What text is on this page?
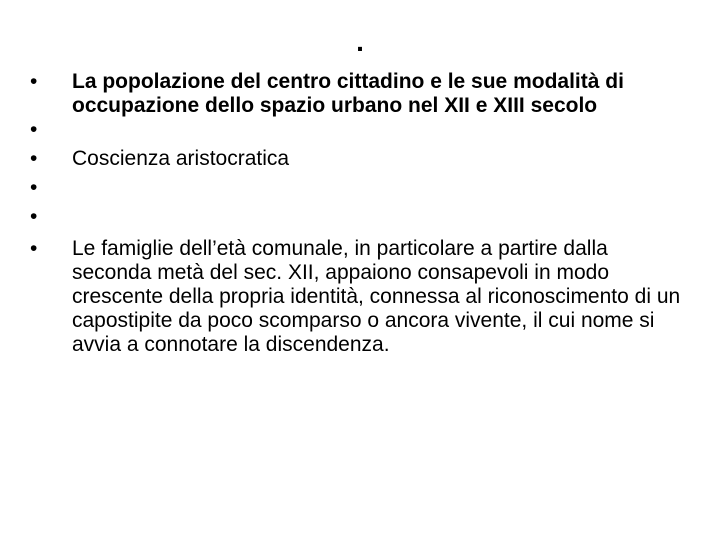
.
•	La popolazione del centro cittadino e le sue modalità di occupazione dello spazio urbano nel XII e XIII secolo
•
•	Coscienza aristocratica
•
•
•	Le famiglie dell’età comunale, in particolare a partire dalla seconda metà del sec. XII, appaiono consapevoli in modo crescente della propria identità, connessa al riconoscimento di un capostipite da poco scomparso o ancora vivente, il cui nome si avvia a connotare la discendenza.
